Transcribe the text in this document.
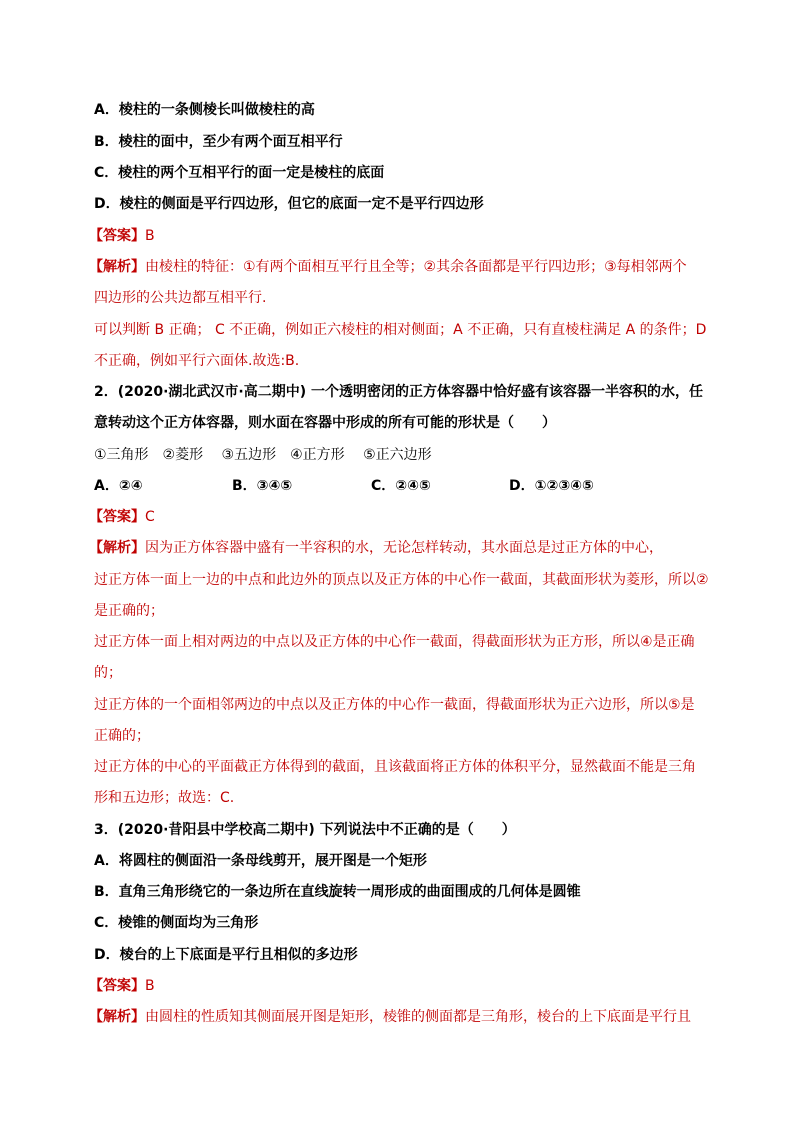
A．棱柱的一条侧棱长叫做棱柱的高
B．棱柱的面中，至少有两个面互相平行
C．棱柱的两个互相平行的面一定是棱柱的底面
D．棱柱的侧面是平行四边形，但它的底面一定不是平行四边形
【答案】B
【解析】由棱柱的特征：①有两个面相互平行且全等；②其余各面都是平行四边形；③每相邻两个
四边形的公共边都互相平行.
可以判断 B 正确； C 不正确，例如正六棱柱的相对侧面；A 不正确，只有直棱柱满足 A 的条件；D
不正确，例如平行六面体.故选:B.
2．(2020·湖北武汉市·高二期中) 一个透明密闭的正方体容器中恰好盛有该容器一半容积的水，任
意转动这个正方体容器，则水面在容器中形成的所有可能的形状是（　　）
①三角形　②菱形　 ③五边形　④正方形　 ⑤正六边形
A．②④	B．③④⑤	C．②④⑤	D．①②③④⑤
【答案】C
【解析】因为正方体容器中盛有一半容积的水，无论怎样转动，其水面总是过正方体的中心，
过正方体一面上一边的中点和此边外的顶点以及正方体的中心作一截面，其截面形状为菱形，所以②
是正确的；
过正方体一面上相对两边的中点以及正方体的中心作一截面，得截面形状为正方形，所以④是正确
的；
过正方体的一个面相邻两边的中点以及正方体的中心作一截面，得截面形状为正六边形，所以⑤是
正确的；
过正方体的中心的平面截正方体得到的截面，且该截面将正方体的体积平分，显然截面不能是三角
形和五边形；故选：C.
3．(2020·昔阳县中学校高二期中) 下列说法中不正确的是（　　）
A．将圆柱的侧面沿一条母线剪开，展开图是一个矩形
B．直角三角形绕它的一条边所在直线旋转一周形成的曲面围成的几何体是圆锥
C．棱锥的侧面均为三角形
D．棱台的上下底面是平行且相似的多边形
【答案】B
【解析】由圆柱的性质知其侧面展开图是矩形，棱锥的侧面都是三角形，棱台的上下底面是平行且
